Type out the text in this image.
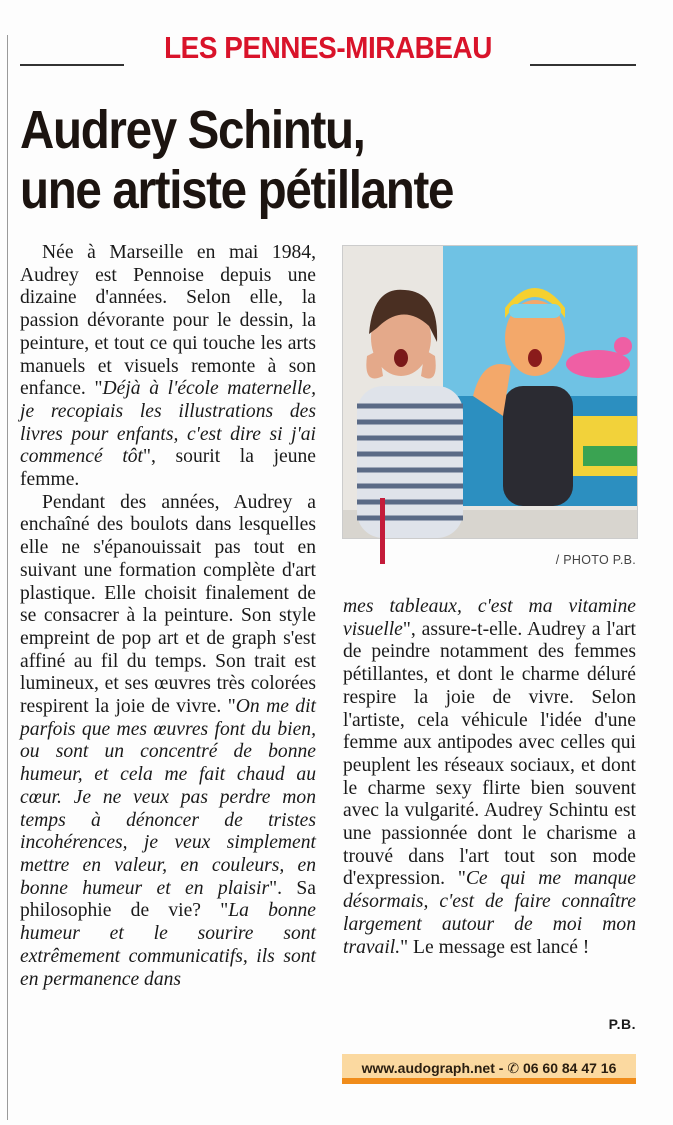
LES PENNES-MIRABEAU
Audrey Schintu,
une artiste pétillante

Née à Marseille en mai 1984, Audrey est Pennoise depuis une dizaine d'années. Selon elle, la passion dévorante pour le dessin, la peinture, et tout ce qui touche les arts manuels et visuels remonte à son enfance. "Déjà à l'école maternelle, je recopiais les illustrations des livres pour enfants, c'est dire si j'ai commencé tôt", sourit la jeune femme.

Pendant des années, Audrey a enchaîné des boulots dans lesquelles elle ne s'épanouissait pas tout en suivant une formation complète d'art plastique. Elle choisit finalement de se consacrer à la peinture. Son style empreint de pop art et de graph s'est affiné au fil du temps. Son trait est lumineux, et ses œuvres très colorées respirent la joie de vivre. "On me dit parfois que mes œuvres font du bien, ou sont un concentré de bonne humeur, et cela me fait chaud au cœur. Je ne veux pas perdre mon temps à dénoncer de tristes incohérences, je veux simplement mettre en valeur, en couleurs, en bonne humeur et en plaisir". Sa philosophie de vie? "La bonne humeur et le sourire sont extrêmement communicatifs, ils sont en permanence dans

/ PHOTO P.B.

mes tableaux, c'est ma vitamine visuelle", assure-t-elle. Audrey a l'art de peindre notamment des femmes pétillantes, et dont le charme déluré respire la joie de vivre. Selon l'artiste, cela véhicule l'idée d'une femme aux antipodes avec celles qui peuplent les réseaux sociaux, et dont le charme sexy flirte bien souvent avec la vulgarité. Audrey Schintu est une passionnée dont le charisme a trouvé dans l'art tout son mode d'expression. "Ce qui me manque désormais, c'est de faire connaître largement autour de moi mon travail." Le message est lancé !

P.B.
www.audograph.net - ✆ 06 60 84 47 16
